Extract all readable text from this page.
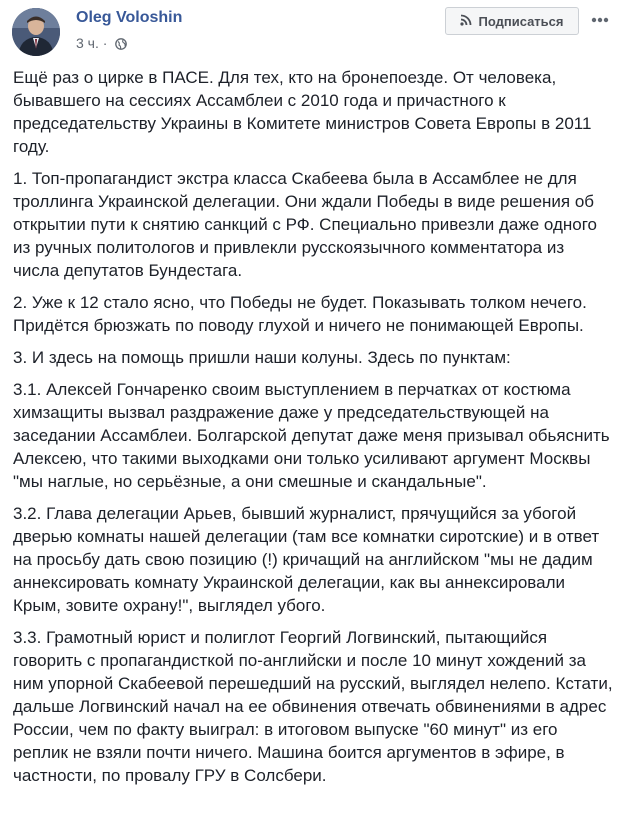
Oleg Voloshin
3 ч. ·
Подписаться

Ещё раз о цирке в ПАСЕ. Для тех, кто на бронепоезде. От человека, бывавшего на сессиях Ассамблеи с 2010 года и причастного к председательству Украины в Комитете министров Совета Европы в 2011 году.

1. Топ-пропагандист экстра класса Скабеева была в Ассамблее не для троллинга Украинской делегации. Они ждали Победы в виде решения об открытии пути к снятию санкций с РФ. Специально привезли даже одного из ручных политологов и привлекли русскоязычного комментатора из числа депутатов Бундестага.

2. Уже к 12 стало ясно, что Победы не будет. Показывать толком нечего. Придётся брюзжать по поводу глухой и ничего не понимающей Европы.

3. И здесь на помощь пришли наши колуны. Здесь по пунктам:

3.1. Алексей Гончаренко своим выступлением в перчатках от костюма химзащиты вызвал раздражение даже у председательствующей на заседании Ассамблеи. Болгарской депутат даже меня призывал обьяснить Алексею, что такими выходками они только усиливают аргумент Москвы "мы наглые, но серьёзные, а они смешные и скандальные".

3.2. Глава делегации Арьев, бывший журналист, прячущийся за убогой дверью комнаты нашей делегации (там все комнатки сиротские) и в ответ на просьбу дать свою позицию (!) кричащий на английском "мы не дадим аннексировать комнату Украинской делегации, как вы аннексировали Крым, зовите охрану!", выглядел убого.

3.3. Грамотный юрист и полиглот Георгий Логвинский, пытающийся говорить с пропагандисткой по-английски и после 10 минут хождений за ним упорной Скабеевой перешедший на русский, выглядел нелепо. Кстати, дальше Логвинский начал на ее обвинения отвечать обвинениями в адрес России, чем по факту выиграл: в итоговом выпуске "60 минут" из его реплик не взяли почти ничего. Машина боится аргументов в эфире, в частности, по провалу ГРУ в Солсбери.
